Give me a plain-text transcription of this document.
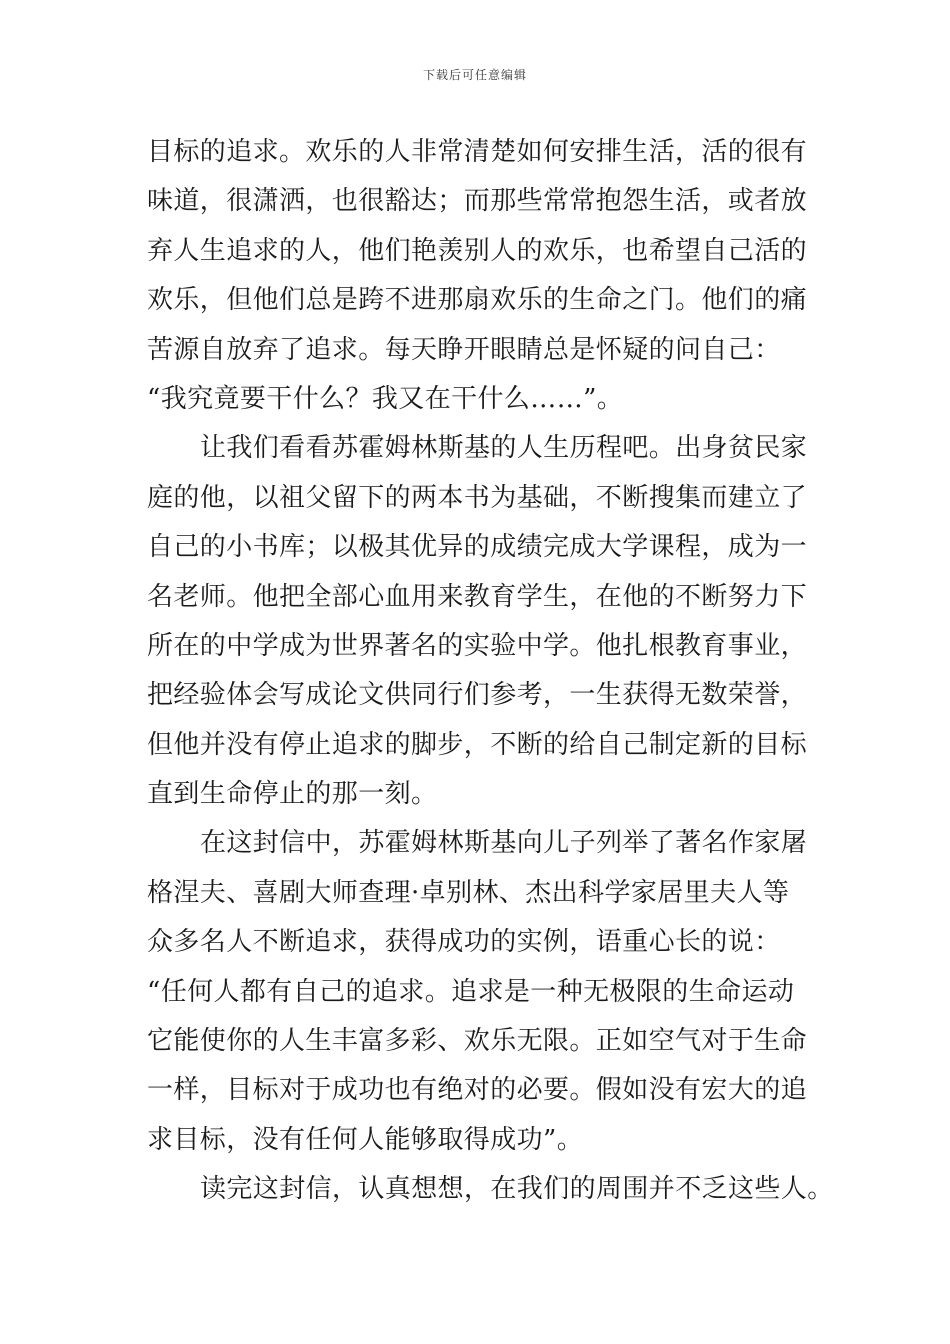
下载后可任意编辑
目标的追求。欢乐的人非常清楚如何安排生活，活的很有
味道，很潇洒，也很豁达；而那些常常抱怨生活，或者放
弃人生追求的人，他们艳羡别人的欢乐，也希望自己活的
欢乐，但他们总是跨不进那扇欢乐的生命之门。他们的痛
苦源自放弃了追求。每天睁开眼睛总是怀疑的问自己：
“我究竟要干什么？我又在干什么……”。
让我们看看苏霍姆林斯基的人生历程吧。出身贫民家
庭的他，以祖父留下的两本书为基础，不断搜集而建立了
自己的小书库；以极其优异的成绩完成大学课程，成为一
名老师。他把全部心血用来教育学生，在他的不断努力下
所在的中学成为世界著名的实验中学。他扎根教育事业，
把经验体会写成论文供同行们参考，一生获得无数荣誉，
但他并没有停止追求的脚步，不断的给自己制定新的目标
直到生命停止的那一刻。
在这封信中，苏霍姆林斯基向儿子列举了著名作家屠
格涅夫、喜剧大师查理·卓别林、杰出科学家居里夫人等
众多名人不断追求，获得成功的实例，语重心长的说：
“任何人都有自己的追求。追求是一种无极限的生命运动
它能使你的人生丰富多彩、欢乐无限。正如空气对于生命
一样，目标对于成功也有绝对的必要。假如没有宏大的追
求目标，没有任何人能够取得成功”。
读完这封信，认真想想，在我们的周围并不乏这些人。
